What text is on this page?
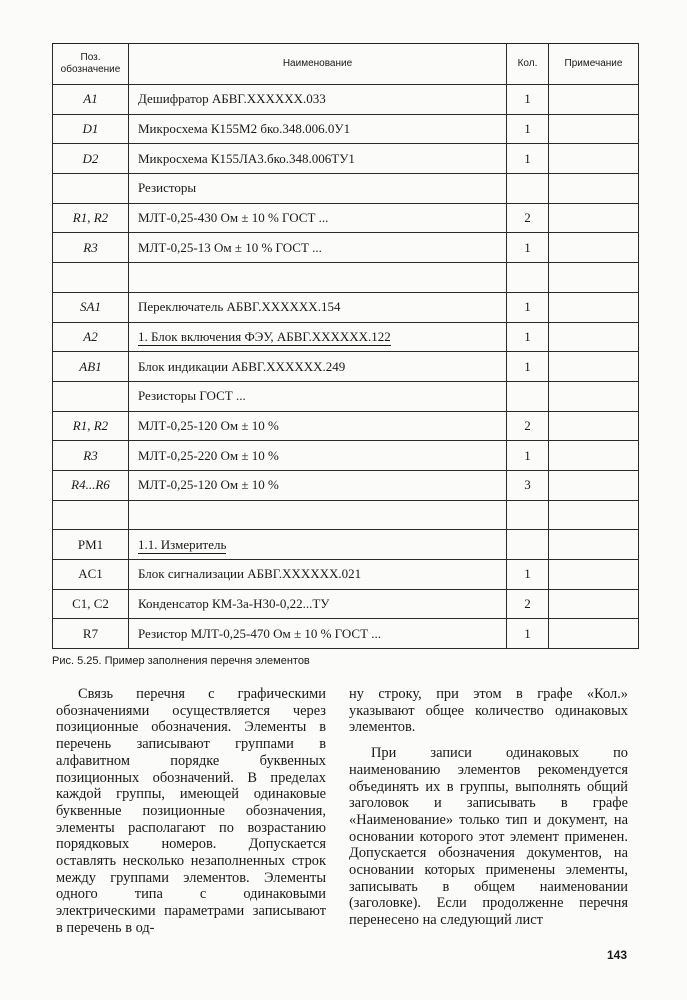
Поз. обозначение	Наименование	Кол.	Примечание
A1	Дешифратор АБВГ.XXXXXX.033	1	
D1	Микросхема К155М2 бко.348.006.0У1	1	
D2	Микросхема К155ЛА3.бко.348.006ТУ1	1	
	Резисторы		
R1, R2	МЛТ-0,25-430 Ом ± 10 % ГОСТ ...	2	
R3	МЛТ-0,25-13 Ом ± 10 % ГОСТ ...	1	

SA1	Переключатель АБВГ.XXXXXX.154	1	
A2	1. Блок включения ФЭУ, АБВГ.XXXXXX.122	1	
AB1	Блок индикации АБВГ.XXXXXX.249	1	
	Резисторы ГОСТ ...		
R1, R2	МЛТ-0,25-120 Ом ± 10 %	2	
R3	МЛТ-0,25-220 Ом ± 10 %	1	
R4...R6	МЛТ-0,25-120 Ом ± 10 %	3	

PM1	1.1. Измеритель		
AC1	Блок сигнализации АБВГ.XXXXXX.021	1	
C1, C2	Конденсатор КМ-3а-Н30-0,22...ТУ	2	
R7	Резистор МЛТ-0,25-470 Ом ± 10 % ГОСТ ...	1	
Рис. 5.25. Пример заполнения перечня элементов

Связь перечня с графическими обозначениями осуществляется через позиционные обозначения. Элементы в перечень записывают группами в алфавитном порядке буквенных позиционных обозначений. В пределах каждой группы, имеющей одинаковые буквенные позиционные обозначения, элементы располагают по возрастанию порядковых номеров. Допускается оставлять несколько незаполненных строк между группами элементов. Элементы одного типа с одинаковыми электрическими параметрами записывают в перечень в од-

ну строку, при этом в графе «Кол.» указывают общее количество одинаковых элементов.

При записи одинаковых по наименованию элементов рекомендуется объединять их в группы, выполнять общий заголовок и записывать в графе «Наименование» только тип и документ, на основании которого этот элемент применен. Допускается обозначения документов, на основании которых применены элементы, записывать в общем наименовании (заголовке). Если продолженне перечня перенесено на следующий лист

143
